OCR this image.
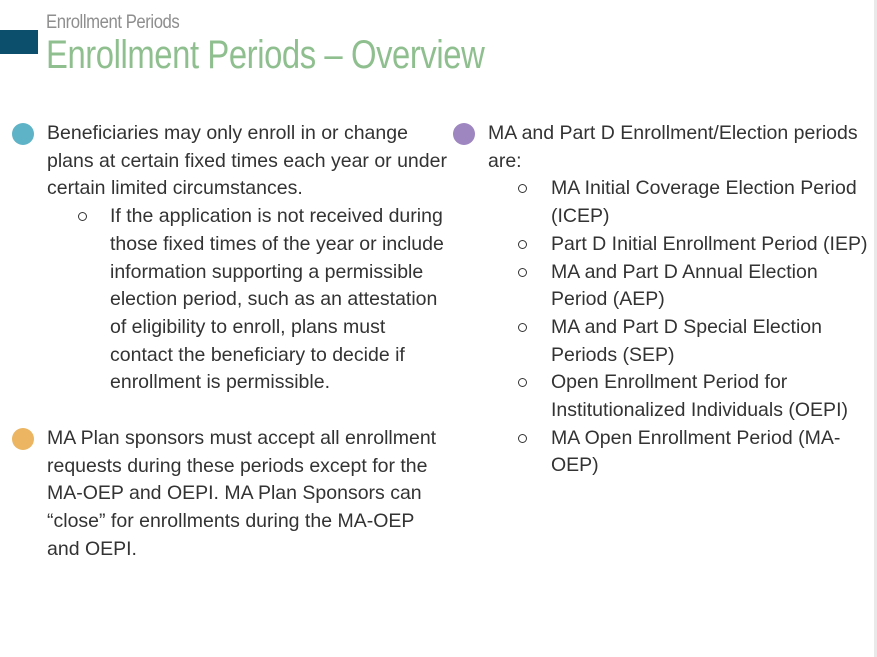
Enrollment Periods
Enrollment Periods – Overview
Beneficiaries may only enroll in or change plans at certain fixed times each year or under certain limited circumstances.
If the application is not received during those fixed times of the year or include information supporting a permissible election period, such as an attestation of eligibility to enroll, plans must contact the beneficiary to decide if enrollment is permissible.
MA Plan sponsors must accept all enrollment requests during these periods except for the MA-OEP and OEPI. MA Plan Sponsors can “close” for enrollments during the MA-OEP and OEPI.
MA and Part D Enrollment/Election periods are:
MA Initial Coverage Election Period (ICEP)
Part D Initial Enrollment Period (IEP)
MA and Part D Annual Election Period (AEP)
MA and Part D Special Election Periods (SEP)
Open Enrollment Period for Institutionalized Individuals (OEPI)
MA Open Enrollment Period (MA-OEP)
